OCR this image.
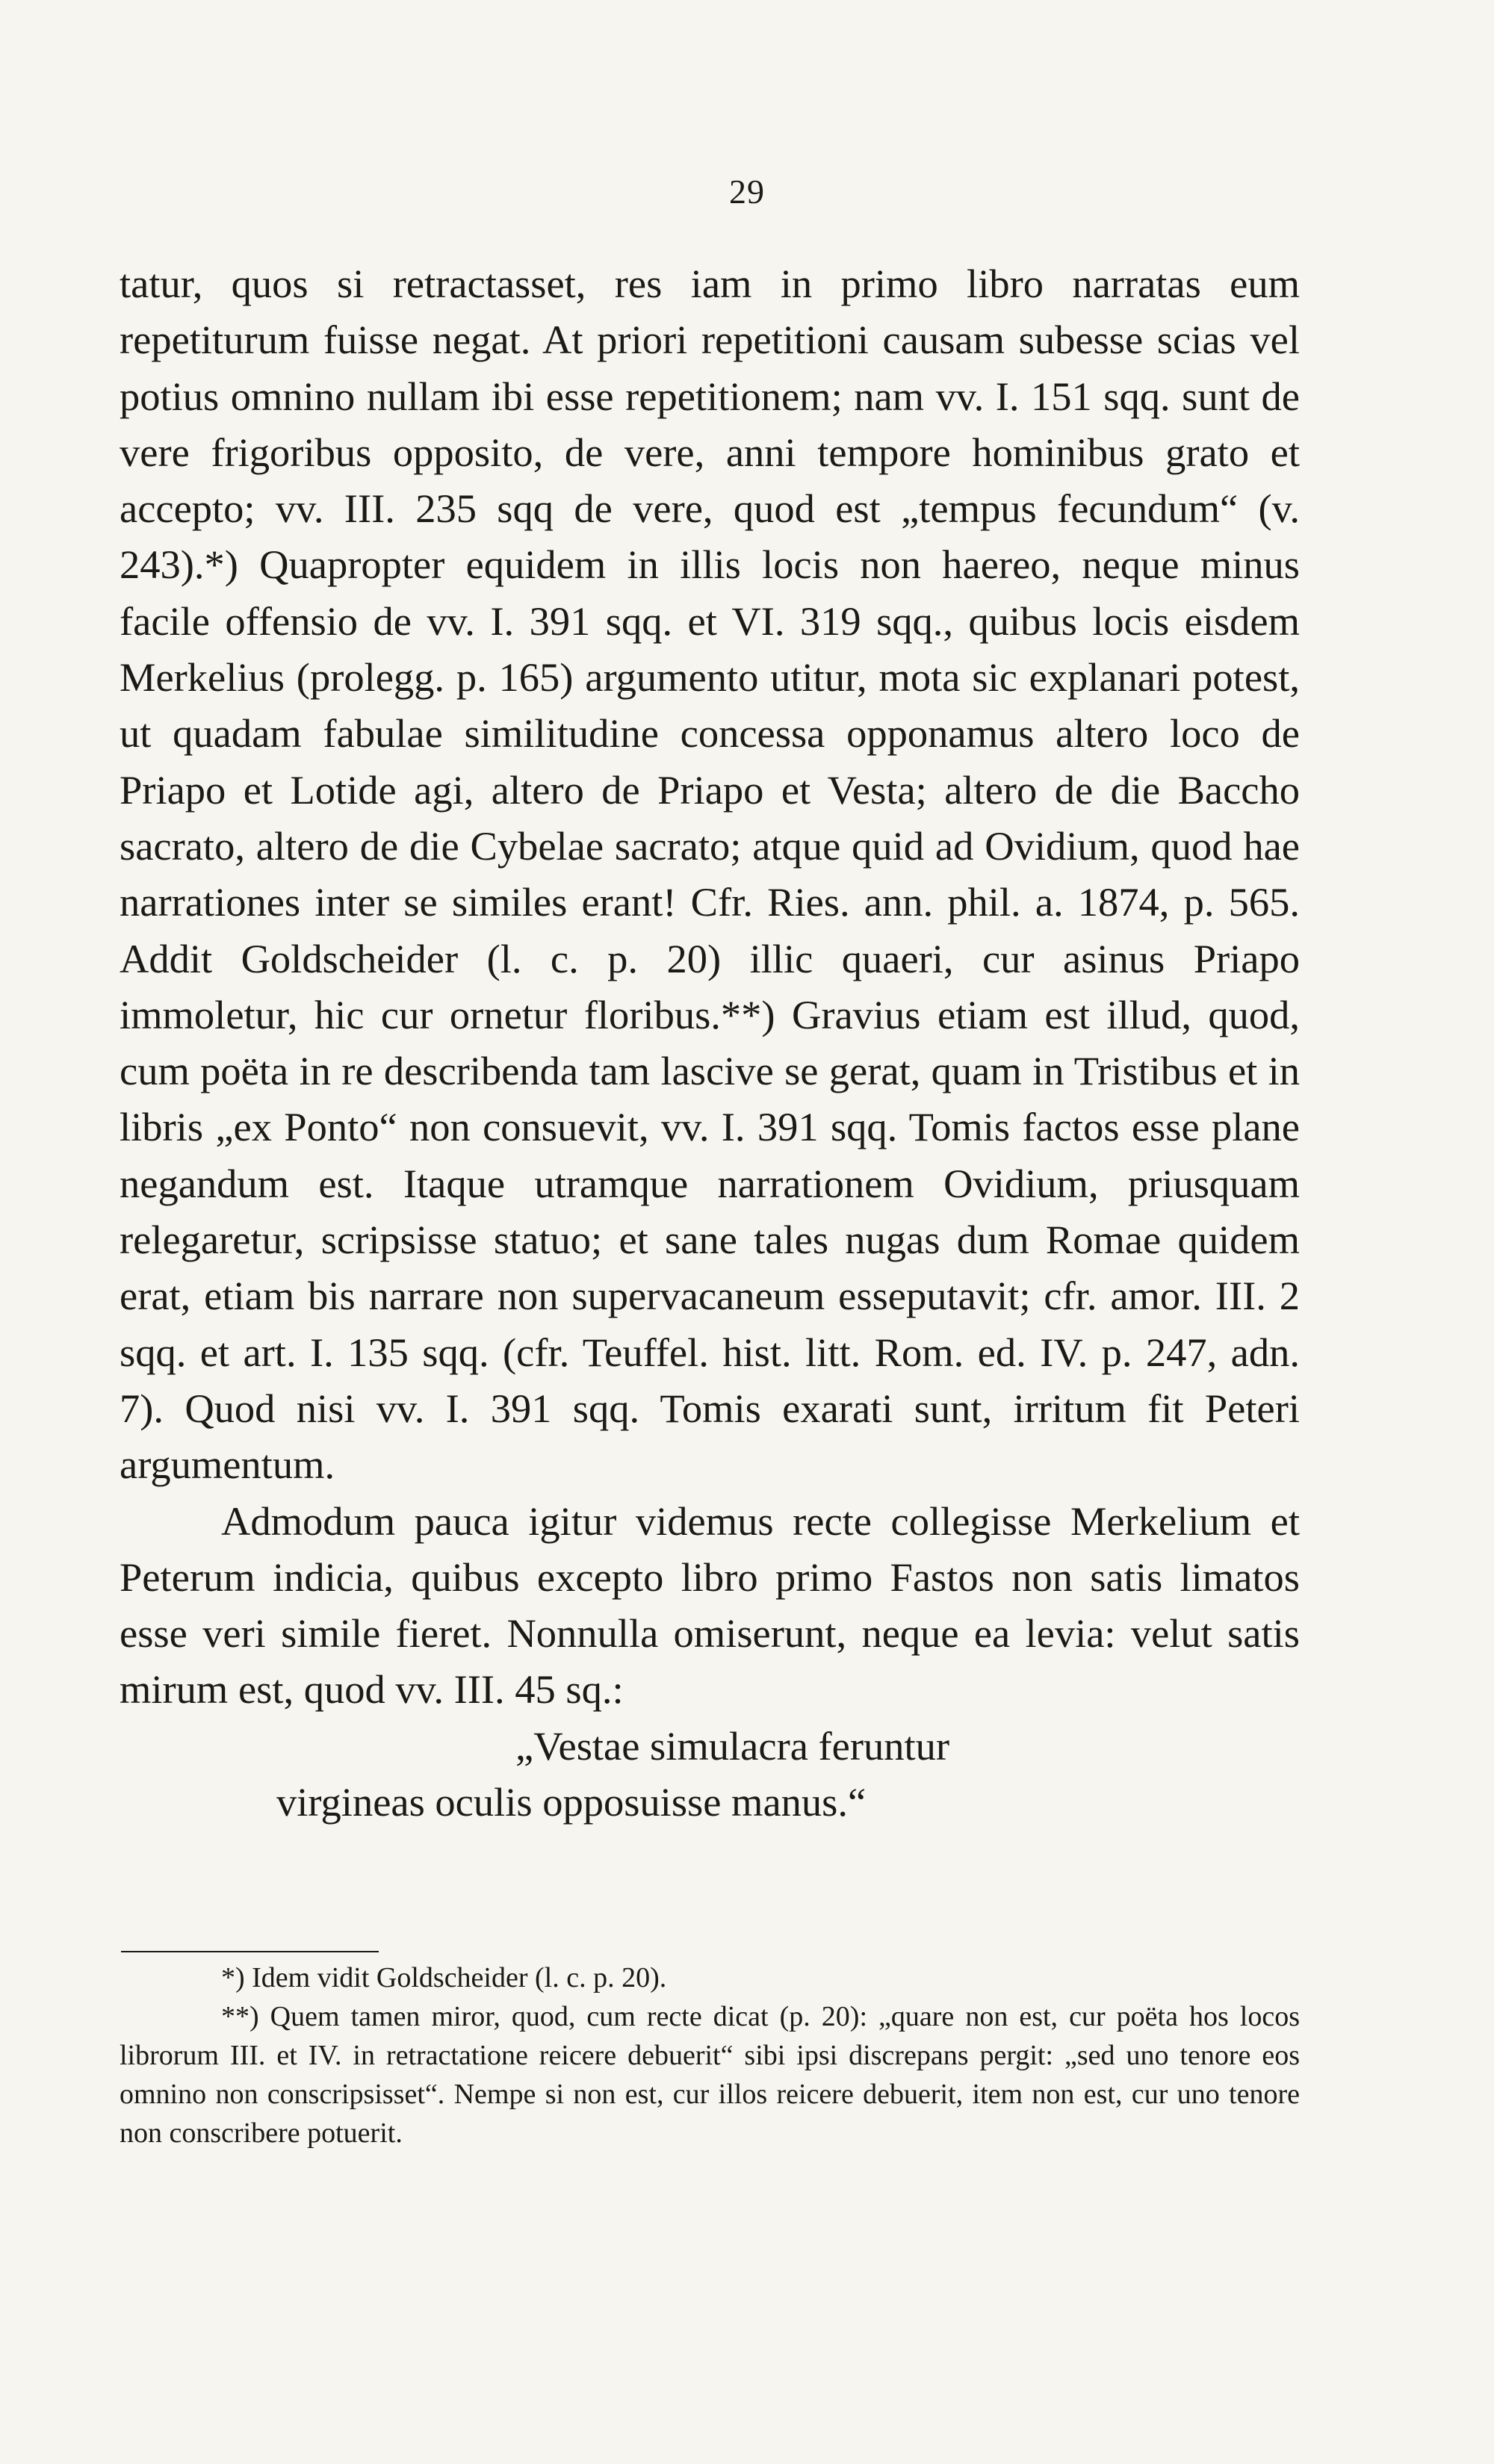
29

tatur, quos si retractasset, res iam in primo libro narratas eum repetiturum fuisse negat. At priori repetitioni causam subesse scias vel potius omnino nullam ibi esse repetitionem; nam vv. I. 151 sqq. sunt de vere frigoribus opposito, de vere, anni tempore hominibus grato et accepto; vv. III. 235 sqq de vere, quod est „tempus fecundum“ (v. 243).*) Quapropter equidem in illis locis non haereo, neque minus facile offensio de vv. I. 391 sqq. et VI. 319 sqq., quibus locis eisdem Merkelius (prolegg. p. 165) argumento utitur, mota sic explanari potest, ut quadam fabulae similitudine concessa opponamus altero loco de Priapo et Lotide agi, altero de Priapo et Vesta; altero de die Baccho sacrato, altero de die Cybelae sacrato; atque quid ad Ovidium, quod hae narrationes inter se similes erant! Cfr. Ries. ann. phil. a. 1874, p. 565. Addit Goldscheider (l. c. p. 20) illic quaeri, cur asinus Priapo immoletur, hic cur ornetur floribus.**) Gravius etiam est illud, quod, cum poëta in re describenda tam lascive se gerat, quam in Tristibus et in libris „ex Ponto“ non consuevit, vv. I. 391 sqq. Tomis factos esse plane negandum est. Itaque utramque narrationem Ovidium, priusquam relegaretur, scripsisse statuo; et sane tales nugas dum Romae quidem erat, etiam bis narrare non supervacaneum esseputavit; cfr. amor. III. 2 sqq. et art. I. 135 sqq. (cfr. Teuffel. hist. litt. Rom. ed. IV. p. 247, adn. 7). Quod nisi vv. I. 391 sqq. Tomis exarati sunt, irritum fit Peteri argumentum.

Admodum pauca igitur videmus recte collegisse Merkelium et Peterum indicia, quibus excepto libro primo Fastos non satis limatos esse veri simile fieret. Nonnulla omiserunt, neque ea levia: velut satis mirum est, quod vv. III. 45 sq.:

„Vestae simulacra feruntur
virgineas oculis opposuisse manus.“

*) Idem vidit Goldscheider (l. c. p. 20).

**) Quem tamen miror, quod, cum recte dicat (p. 20): „quare non est, cur poëta hos locos librorum III. et IV. in retractatione reicere debuerit“ sibi ipsi discrepans pergit: „sed uno tenore eos omnino non conscripsisset“. Nempe si non est, cur illos reicere debuerit, item non est, cur uno tenore non conscribere potuerit.
